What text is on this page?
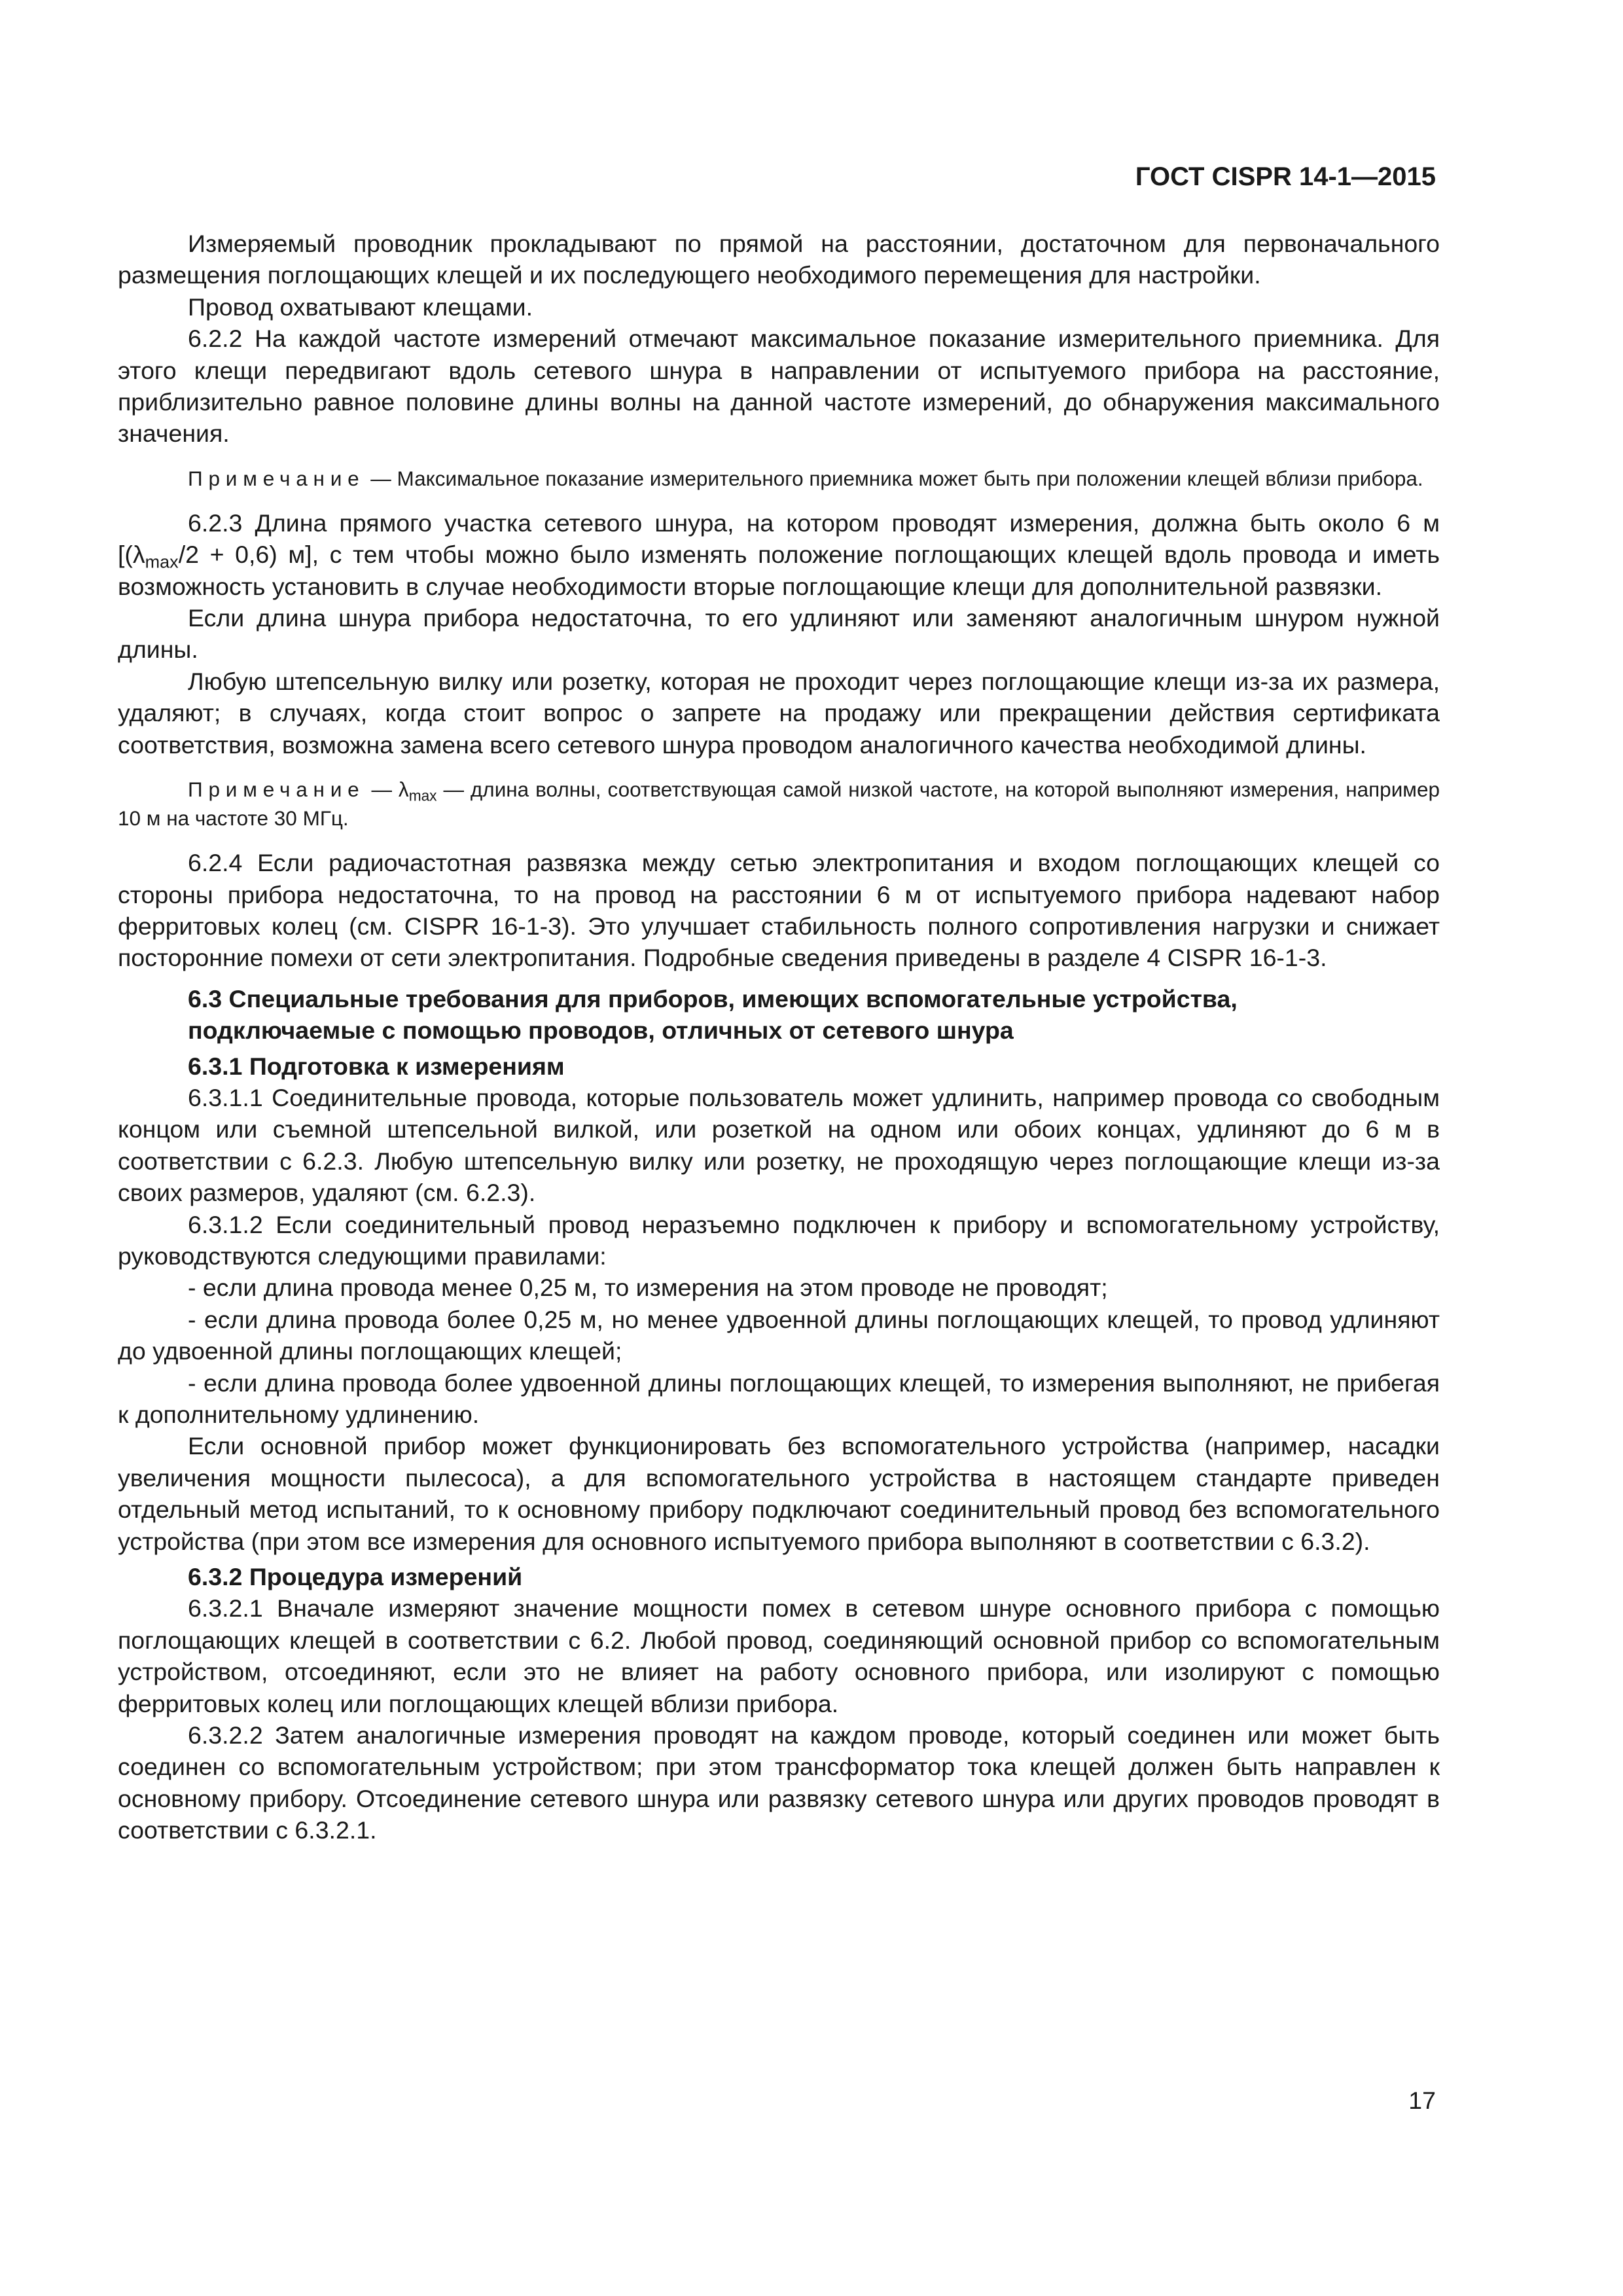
ГОСТ CISPR 14-1—2015

Измеряемый проводник прокладывают по прямой на расстоянии, достаточном для первоначального размещения поглощающих клещей и их последующего необходимого перемещения для настройки.

Провод охватывают клещами.

6.2.2 На каждой частоте измерений отмечают максимальное показание измерительного приемника. Для этого клещи передвигают вдоль сетевого шнура в направлении от испытуемого прибора на расстояние, приблизительно равное половине длины волны на данной частоте измерений, до обнаружения максимального значения.

Примечание — Максимальное показание измерительного приемника может быть при положении клещей вблизи прибора.

6.2.3 Длина прямого участка сетевого шнура, на котором проводят измерения, должна быть около 6 м [$(\lambda_{max}/2 + 0,6)$ м], с тем чтобы можно было изменять положение поглощающих клещей вдоль провода и иметь возможность установить в случае необходимости вторые поглощающие клещи для дополнительной развязки.

Если длина шнура прибора недостаточна, то его удлиняют или заменяют аналогичным шнуром нужной длины.

Любую штепсельную вилку или розетку, которая не проходит через поглощающие клещи из-за их размера, удаляют; в случаях, когда стоит вопрос о запрете на продажу или прекращении действия сертификата соответствия, возможна замена всего сетевого шнура проводом аналогичного качества необходимой длины.

Примечание — $\lambda_{max}$ — длина волны, соответствующая самой низкой частоте, на которой выполняют измерения, например 10 м на частоте 30 МГц.

6.2.4 Если радиочастотная развязка между сетью электропитания и входом поглощающих клещей со стороны прибора недостаточна, то на провод на расстоянии 6 м от испытуемого прибора надевают набор ферритовых колец (см. CISPR 16-1-3). Это улучшает стабильность полного сопротивления нагрузки и снижает посторонние помехи от сети электропитания. Подробные сведения приведены в разделе 4 CISPR 16-1-3.

6.3 Специальные требования для приборов, имеющих вспомогательные устройства,
подключаемые с помощью проводов, отличных от сетевого шнура
6.3.1 Подготовка к измерениям

6.3.1.1 Соединительные провода, которые пользователь может удлинить, например провода со свободным концом или съемной штепсельной вилкой, или розеткой на одном или обоих концах, удлиняют до 6 м в соответствии с 6.2.3. Любую штепсельную вилку или розетку, не проходящую через поглощающие клещи из-за своих размеров, удаляют (см. 6.2.3).

6.3.1.2 Если соединительный провод неразъемно подключен к прибору и вспомогательному устройству, руководствуются следующими правилами:

- если длина провода менее 0,25 м, то измерения на этом проводе не проводят;

- если длина провода более 0,25 м, но менее удвоенной длины поглощающих клещей, то провод удлиняют до удвоенной длины поглощающих клещей;

- если длина провода более удвоенной длины поглощающих клещей, то измерения выполняют, не прибегая к дополнительному удлинению.

Если основной прибор может функционировать без вспомогательного устройства (например, насадки увеличения мощности пылесоса), а для вспомогательного устройства в настоящем стандарте приведен отдельный метод испытаний, то к основному прибору подключают соединительный провод без вспомогательного устройства (при этом все измерения для основного испытуемого прибора выполняют в соответствии с 6.3.2).

6.3.2 Процедура измерений

6.3.2.1 Вначале измеряют значение мощности помех в сетевом шнуре основного прибора с помощью поглощающих клещей в соответствии с 6.2. Любой провод, соединяющий основной прибор со вспомогательным устройством, отсоединяют, если это не влияет на работу основного прибора, или изолируют с помощью ферритовых колец или поглощающих клещей вблизи прибора.

6.3.2.2 Затем аналогичные измерения проводят на каждом проводе, который соединен или может быть соединен со вспомогательным устройством; при этом трансформатор тока клещей должен быть направлен к основному прибору. Отсоединение сетевого шнура или развязку сетевого шнура или других проводов проводят в соответствии с 6.3.2.1.

17
